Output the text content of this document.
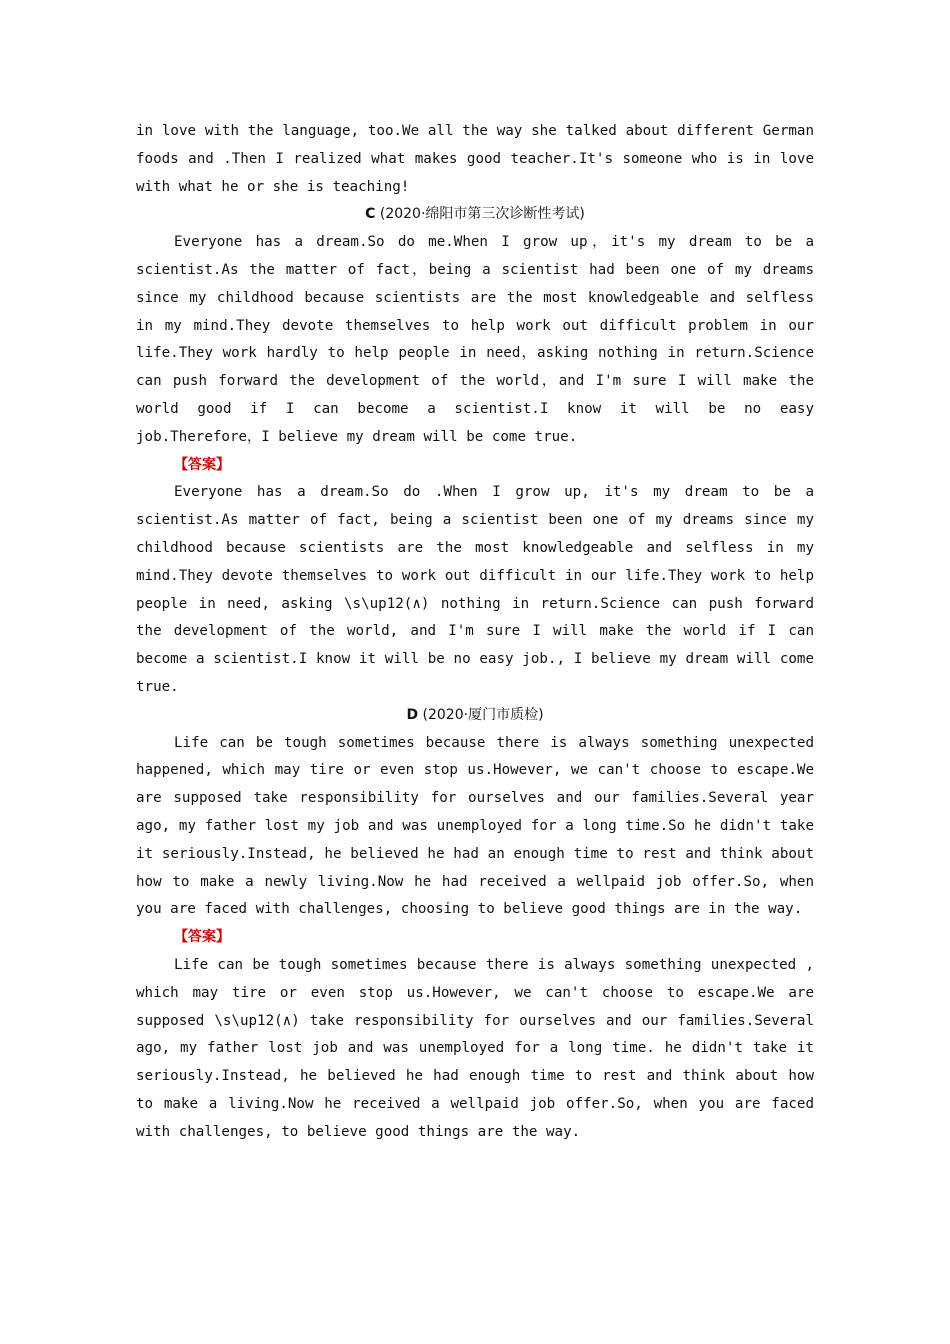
in love with the language, too.We all the way she talked about different German foods and .Then I realized what makes good teacher.It's someone who is in love with what he or she is teaching!

C (2020·绵阳市第三次诊断性考试)

Everyone has a dream.So do me.When I grow up，it's my dream to be a scientist.As the matter of fact，being a scientist had been one of my dreams since my childhood because scientists are the most knowledgeable and selfless in my mind.They devote themselves to help work out difficult problem in our life.They work hardly to help people in need，asking nothing in return.Science can push forward the development of the world，and I'm sure I will make the world good if I can become a scientist.I know it will be no easy job.Therefore，I believe my dream will be come true.

【答案】

Everyone has a dream.So do .When I grow up, it's my dream to be a scientist.As matter of fact, being a scientist been one of my dreams since my childhood because scientists are the most knowledgeable and selfless in my mind.They devote themselves to work out difficult in our life.They work to help people in need, asking \s\up12(∧) nothing in return.Science can push forward the development of the world, and I'm sure I will make the world if I can become a scientist.I know it will be no easy job., I believe my dream will come true.

D (2020·厦门市质检)

Life can be tough sometimes because there is always something unexpected happened, which may tire or even stop us.However, we can't choose to escape.We are supposed take responsibility for ourselves and our families.Several year ago, my father lost my job and was unemployed for a long time.So he didn't take it seriously.Instead, he believed he had an enough time to rest and think about how to make a newly living.Now he had received a wellpaid job offer.So, when you are faced with challenges, choosing to believe good things are in the way.

【答案】

Life can be tough sometimes because there is always something unexpected , which may tire or even stop us.However, we can't choose to escape.We are supposed \s\up12(∧) take responsibility for ourselves and our families.Several ago, my father lost job and was unemployed for a long time. he didn't take it seriously.Instead, he believed he had enough time to rest and think about how to make a living.Now he received a wellpaid job offer.So, when you are faced with challenges, to believe good things are the way.
